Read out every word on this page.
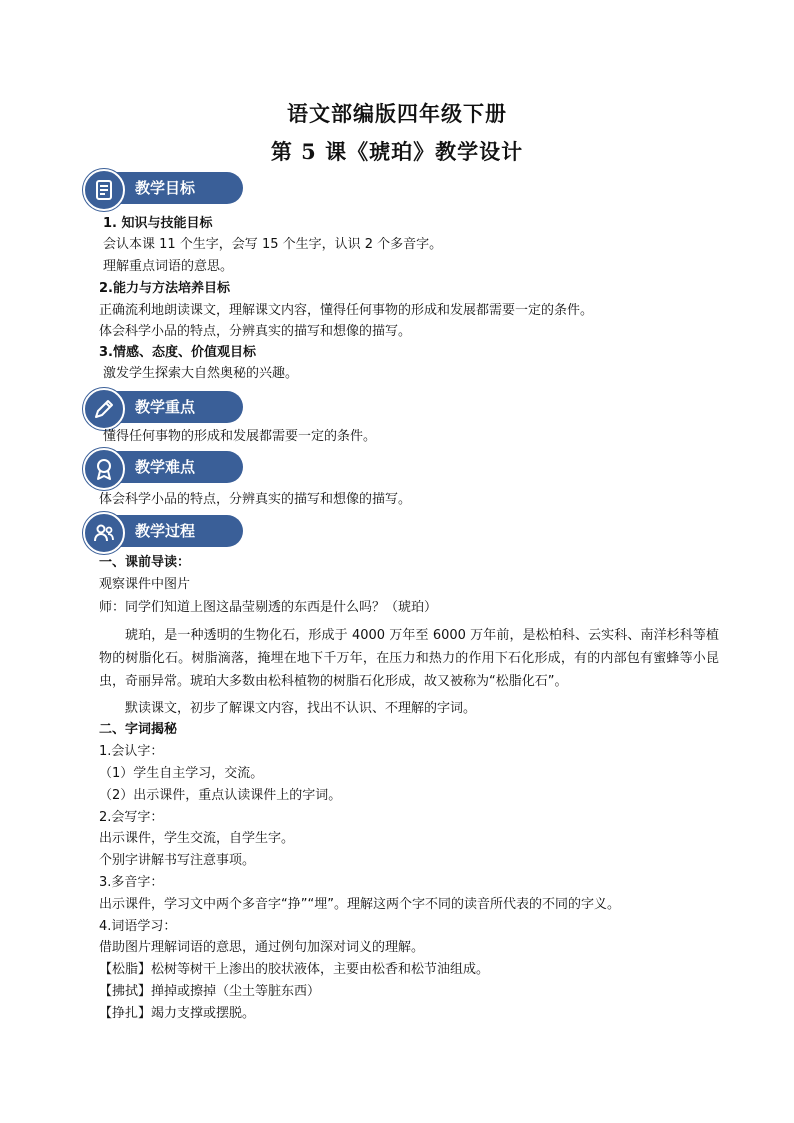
语文部编版四年级下册
第 5 课《琥珀》教学设计
教学目标
1. 知识与技能目标
会认本课 11 个生字，会写 15 个生字，认识 2 个多音字。
理解重点词语的意思。
2.能力与方法培养目标
正确流利地朗读课文，理解课文内容，懂得任何事物的形成和发展都需要一定的条件。
体会科学小品的特点，分辨真实的描写和想像的描写。
3.情感、态度、价值观目标
激发学生探索大自然奥秘的兴趣。
教学重点
懂得任何事物的形成和发展都需要一定的条件。
教学难点
体会科学小品的特点，分辨真实的描写和想像的描写。
教学过程
一、课前导读：
观察课件中图片
师：同学们知道上图这晶莹剔透的东西是什么吗？（琥珀）
琥珀，是一种透明的生物化石，形成于 4000 万年至 6000 万年前，是松柏科、云实科、南洋杉科等植物的树脂化石。树脂滴落，掩埋在地下千万年，在压力和热力的作用下石化形成，有的内部包有蜜蜂等小昆虫，奇丽异常。琥珀大多数由松科植物的树脂石化形成，故又被称为“松脂化石”。
默读课文，初步了解课文内容，找出不认识、不理解的字词。
二、字词揭秘
1.会认字：
（1）学生自主学习，交流。
（2）出示课件，重点认读课件上的字词。
2.会写字：
出示课件，学生交流，自学生字。
个别字讲解书写注意事项。
3.多音字：
出示课件，学习文中两个多音字“挣”“埋”。理解这两个字不同的读音所代表的不同的字义。
4.词语学习：
借助图片理解词语的意思，通过例句加深对词义的理解。
【松脂】松树等树干上渗出的胶状液体，主要由松香和松节油组成。
【拂拭】掸掉或擦掉（尘土等脏东西）
【挣扎】竭力支撑或摆脱。
